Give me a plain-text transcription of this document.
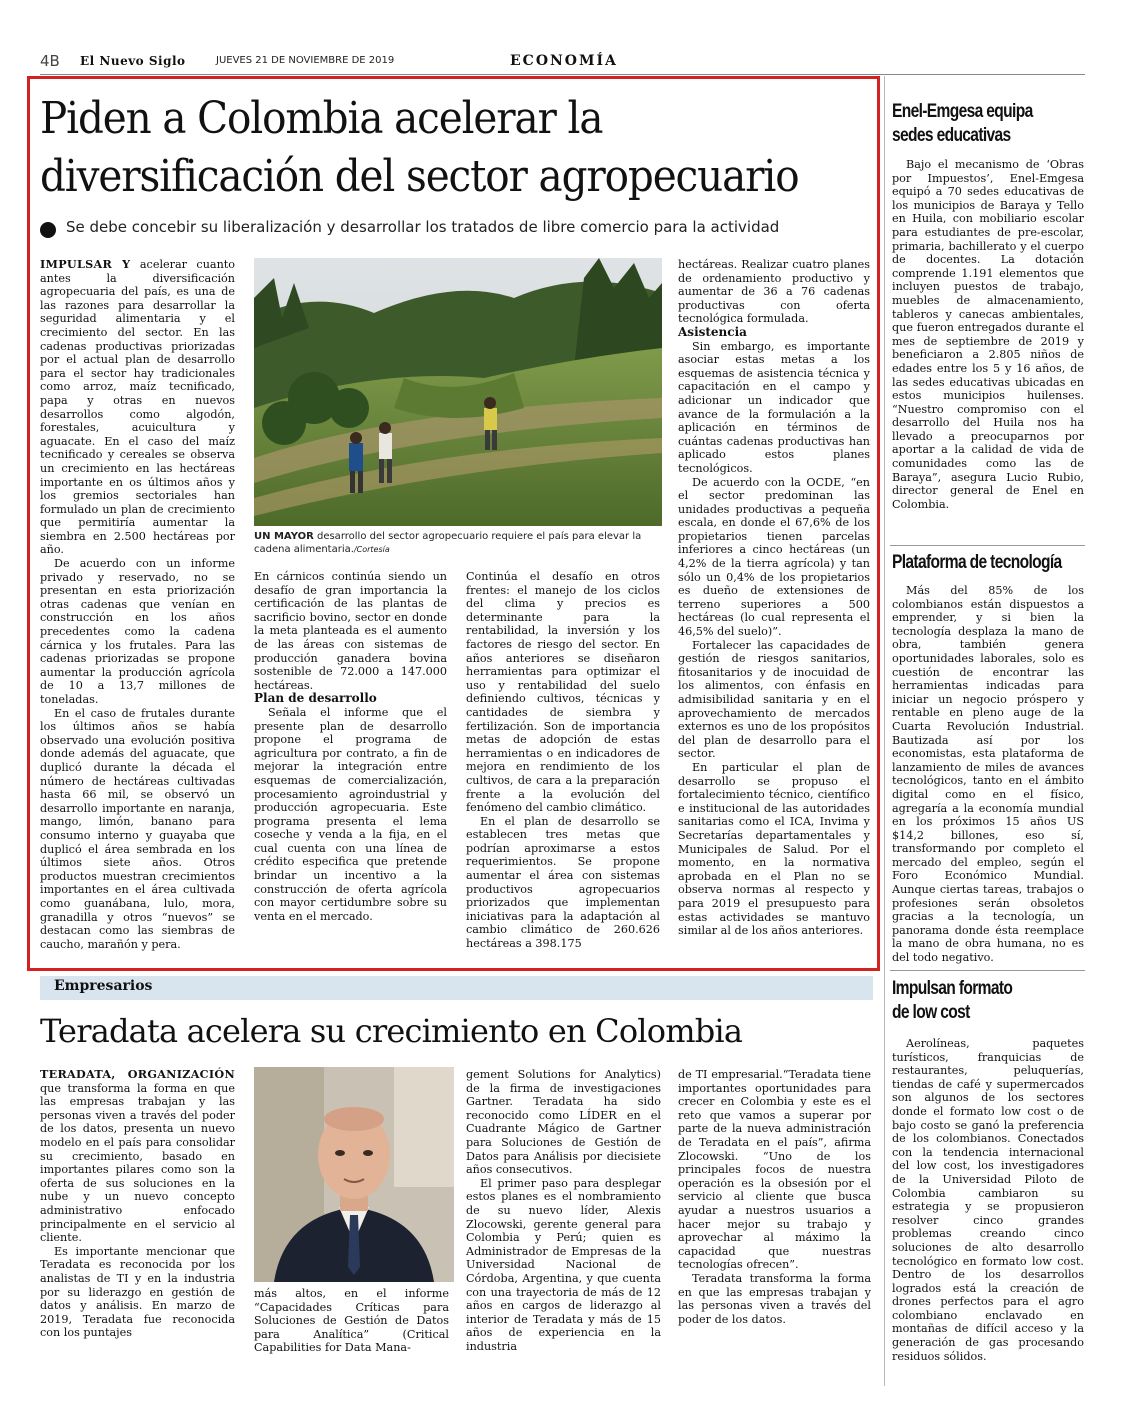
4B El Nuevo Siglo	JUEVES 21 DE NOVIEMBRE DE 2019	ECONOMÍA
Piden a Colombia acelerar la
diversificación del sector agropecuario
Se debe concebir su liberalización y desarrollar los tratados de libre comercio para la actividad

IMPULSAR Y acelerar cuanto antes la diversificación agropecuaria del país, es una de las razones para desarrollar la seguridad alimentaria y el crecimiento del sector. En las cadenas productivas priorizadas por el actual plan de desarrollo para el sector hay tradicionales como arroz, maíz tecnificado, papa y otras en nuevos desarrollos como algodón, forestales, acuicultura y aguacate. En el caso del maíz tecnificado y cereales se observa un crecimiento en las hectáreas importante en os últimos años y los gremios sectoriales han formulado un plan de crecimiento que permitiría aumentar la siembra en 2.500 hectáreas por año.

De acuerdo con un informe privado y reservado, no se presentan en esta priorización otras cadenas que venían en construcción en los años precedentes como la cadena cárnica y los frutales. Para las cadenas priorizadas se propone aumentar la producción agrícola de 10 a 13,7 millones de toneladas.

En el caso de frutales durante los últimos años se había observado una evolución positiva donde además del aguacate, que duplicó durante la década el número de hectáreas cultivadas hasta 66 mil, se observó un desarrollo importante en naranja, mango, limón, banano para consumo interno y guayaba que duplicó el área sembrada en los últimos siete años. Otros productos muestran crecimientos importantes en el área cultivada como guanábana, lulo, mora, granadilla y otros “nuevos” se destacan como las siembras de caucho, marañón y pera.

UN MAYOR desarrollo del sector agropecuario requiere el país para elevar la cadena alimentaria./Cortesía

En cárnicos continúa siendo un desafío de gran importancia la certificación de las plantas de sacrificio bovino, sector en donde la meta planteada es el aumento de las áreas con sistemas de producción ganadera bovina sostenible de 72.000 a 147.000 hectáreas.

Plan de desarrollo

Señala el informe que el presente plan de desarrollo propone el programa de agricultura por contrato, a fin de mejorar la integración entre esquemas de comercialización, procesamiento agroindustrial y producción agropecuaria. Este programa presenta el lema coseche y venda a la fija, en el cual cuenta con una línea de crédito especifica que pretende brindar un incentivo a la construcción de oferta agrícola con mayor certidumbre sobre su venta en el mercado.

Continúa el desafío en otros frentes: el manejo de los ciclos del clima y precios es determinante para la rentabilidad, la inversión y los factores de riesgo del sector. En años anteriores se diseñaron herramientas para optimizar el uso y rentabilidad del suelo definiendo cultivos, técnicas y cantidades de siembra y fertilización. Son de importancia metas de adopción de estas herramientas o en indicadores de mejora en rendimiento de los cultivos, de cara a la preparación frente a la evolución del fenómeno del cambio climático.

En el plan de desarrollo se establecen tres metas que podrían aproximarse a estos requerimientos. Se propone aumentar el área con sistemas productivos agropecuarios priorizados que implementan iniciativas para la adaptación al cambio climático de 260.626 hectáreas a 398.175

hectáreas. Realizar cuatro planes de ordenamiento productivo y aumentar de 36 a 76 cadenas productivas con oferta tecnológica formulada.

Asistencia

Sin embargo, es importante asociar estas metas a los esquemas de asistencia técnica y capacitación en el campo y adicionar un indicador que avance de la formulación a la aplicación en términos de cuántas cadenas productivas han aplicado estos planes tecnológicos.

De acuerdo con la OCDE, “en el sector predominan las unidades productivas a pequeña escala, en donde el 67,6% de los propietarios tienen parcelas inferiores a cinco hectáreas (un 4,2% de la tierra agrícola) y tan sólo un 0,4% de los propietarios es dueño de extensiones de terreno superiores a 500 hectáreas (lo cual representa el 46,5% del suelo)”.

Fortalecer las capacidades de gestión de riesgos sanitarios, fitosanitarios y de inocuidad de los alimentos, con énfasis en admisibilidad sanitaria y en el aprovechamiento de mercados externos es uno de los propósitos del plan de desarrollo para el sector.

En particular el plan de desarrollo se propuso el fortalecimiento técnico, científico e institucional de las autoridades sanitarias como el ICA, Invima y Secretarías departamentales y Municipales de Salud. Por el momento, en la normativa aprobada en el Plan no se observa normas al respecto y para 2019 el presupuesto para estas actividades se mantuvo similar al de los años anteriores.

Enel-Emgesa equipa
sedes educativas

Bajo el mecanismo de ‘Obras por Impuestos’, Enel-Emgesa equipó a 70 sedes educativas de los municipios de Baraya y Tello en Huila, con mobiliario escolar para estudiantes de pre-escolar, primaria, bachillerato y el cuerpo de docentes. La dotación comprende 1.191 elementos que incluyen puestos de trabajo, muebles de almacenamiento, tableros y canecas ambientales, que fueron entregados durante el mes de septiembre de 2019 y beneficiaron a 2.805 niños de edades entre los 5 y 16 años, de las sedes educativas ubicadas en estos municipios huilenses. “Nuestro compromiso con el desarrollo del Huila nos ha llevado a preocuparnos por aportar a la calidad de vida de comunidades como las de Baraya”, asegura Lucio Rubio, director general de Enel en Colombia.

Plataforma de tecnología

Más del 85% de los colombianos están dispuestos a emprender, y si bien la tecnología desplaza la mano de obra, también genera oportunidades laborales, solo es cuestión de encontrar las herramientas indicadas para iniciar un negocio próspero y rentable en pleno auge de la Cuarta Revolución Industrial. Bautizada así por los economistas, esta plataforma de lanzamiento de miles de avances tecnológicos, tanto en el ámbito digital como en el físico, agregaría a la economía mundial en los próximos 15 años US $14,2 billones, eso sí, transformando por completo el mercado del empleo, según el Foro Económico Mundial. Aunque ciertas tareas, trabajos o profesiones serán obsoletos gracias a la tecnología, un panorama donde ésta reemplace la mano de obra humana, no es del todo negativo.

Impulsan formato
de low cost

Aerolíneas, paquetes turísticos, franquicias de restaurantes, peluquerías, tiendas de café y supermercados son algunos de los sectores donde el formato low cost o de bajo costo se ganó la preferencia de los colombianos. Conectados con la tendencia internacional del low cost, los investigadores de la Universidad Piloto de Colombia cambiaron su estrategia y se propusieron resolver cinco grandes problemas creando cinco soluciones de alto desarrollo tecnológico en formato low cost. Dentro de los desarrollos logrados está la creación de drones perfectos para el agro colombiano enclavado en montañas de difícil acceso y la generación de gas procesando residuos sólidos.

Empresarios
Teradata acelera su crecimiento en Colombia

TERADATA, ORGANIZACIÓN que transforma la forma en que las empresas trabajan y las personas viven a través del poder de los datos, presenta un nuevo modelo en el país para consolidar su crecimiento, basado en importantes pilares como son la oferta de sus soluciones en la nube y un nuevo concepto administrativo enfocado principalmente en el servicio al cliente.

Es importante mencionar que Teradata es reconocida por los analistas de TI y en la industria por su liderazgo en gestión de datos y análisis. En marzo de 2019, Teradata fue reconocida con los puntajes

más altos, en el informe “Capacidades Críticas para Soluciones de Gestión de Datos para Analítica” (Critical Capabilities for Data Mana-

gement Solutions for Analytics) de la firma de investigaciones Gartner. Teradata ha sido reconocido como LÍDER en el Cuadrante Mágico de Gartner para Soluciones de Gestión de Datos para Análisis por diecisiete años consecutivos.

El primer paso para desplegar estos planes es el nombramiento de su nuevo líder, Alexis Zlocowski, gerente general para Colombia y Perú; quien es Administrador de Empresas de la Universidad Nacional de Córdoba, Argentina, y que cuenta con una trayectoria de más de 12 años en cargos de liderazgo al interior de Teradata y más de 15 años de experiencia en la industria

de TI empresarial.“Teradata tiene importantes oportunidades para crecer en Colombia y este es el reto que vamos a superar por parte de la nueva administración de Teradata en el país”, afirma Zlocowski. “Uno de los principales focos de nuestra operación es la obsesión por el servicio al cliente que busca ayudar a nuestros usuarios a hacer mejor su trabajo y aprovechar al máximo la capacidad que nuestras tecnologías ofrecen”.

Teradata transforma la forma en que las empresas trabajan y las personas viven a través del poder de los datos.
